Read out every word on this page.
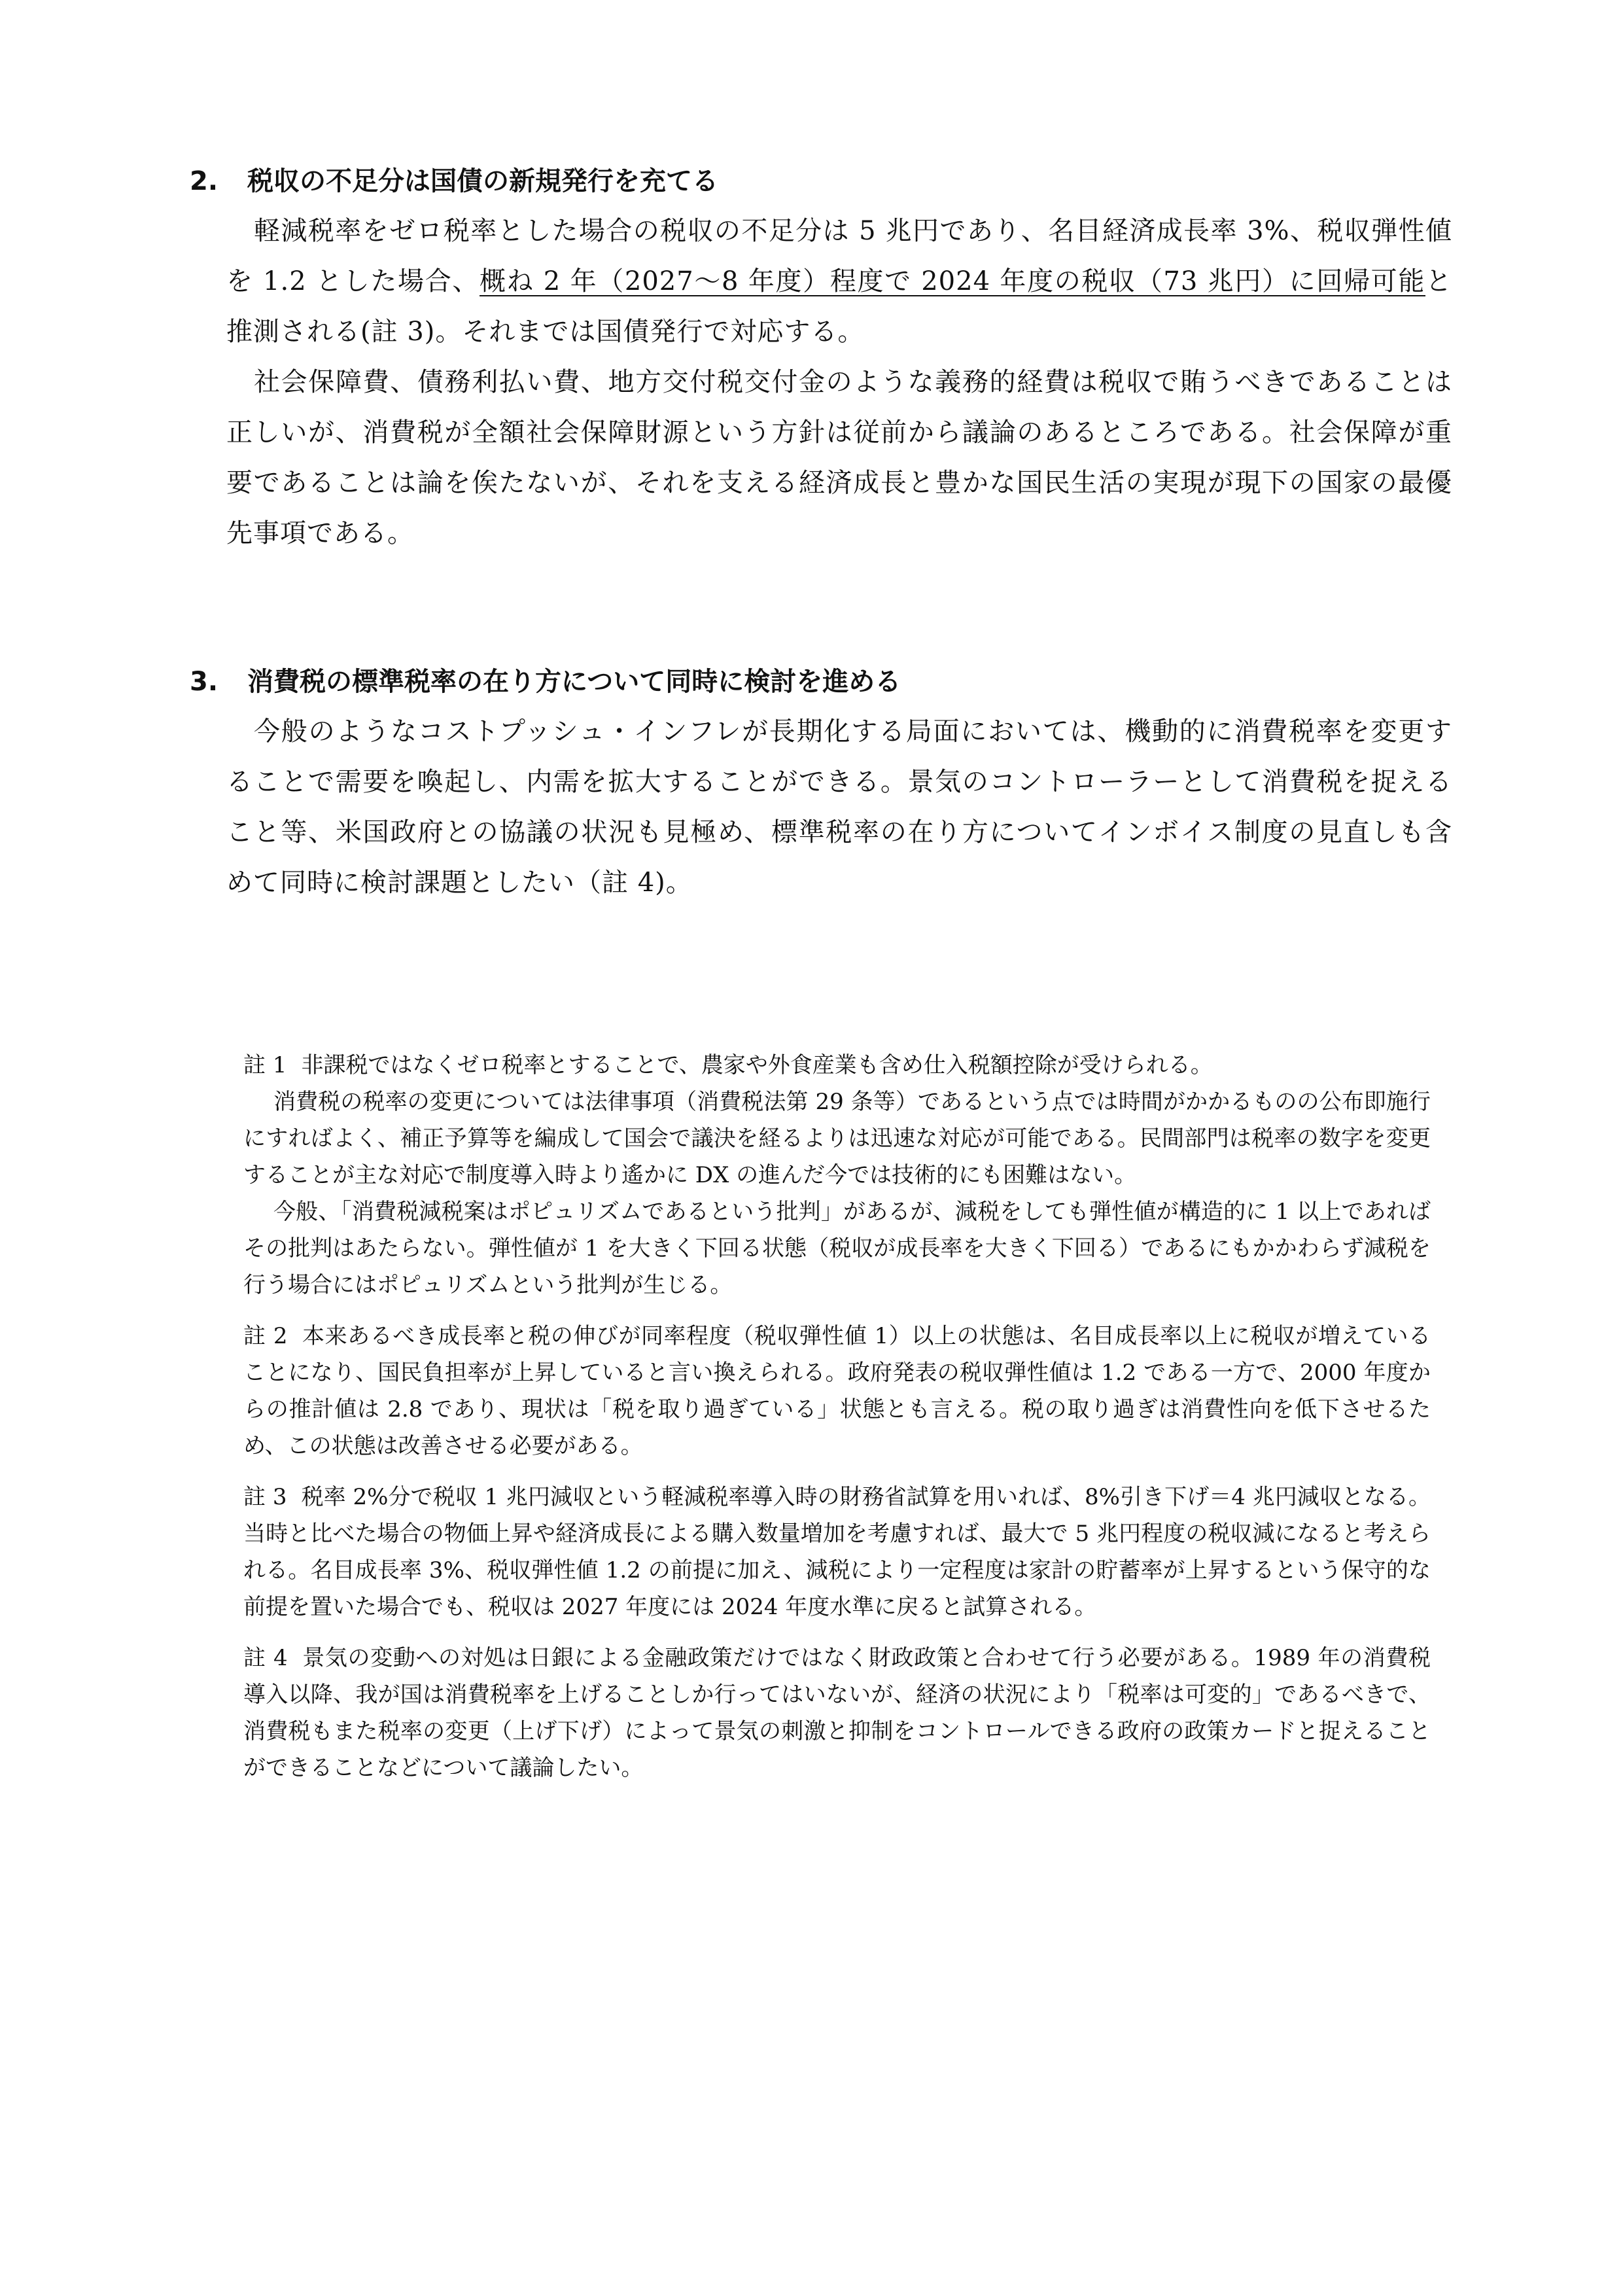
2.	税収の不足分は国債の新規発行を充てる

軽減税率をゼロ税率とした場合の税収の不足分は 5 兆円であり、名目経済成長率 3%、税収弾性値を 1.2 とした場合、概ね 2 年（2027〜8 年度）程度で 2024 年度の税収（73 兆円）に回帰可能と推測される(註 3)。それまでは国債発行で対応する。

社会保障費、債務利払い費、地方交付税交付金のような義務的経費は税収で賄うべきであることは正しいが、消費税が全額社会保障財源という方針は従前から議論のあるところである。社会保障が重要であることは論を俟たないが、それを支える経済成長と豊かな国民生活の実現が現下の国家の最優先事項である。

3.	消費税の標準税率の在り方について同時に検討を進める

今般のようなコストプッシュ・インフレが長期化する局面においては、機動的に消費税率を変更することで需要を喚起し、内需を拡大することができる。景気のコントローラーとして消費税を捉えること等、米国政府との協議の状況も見極め、標準税率の在り方についてインボイス制度の見直しも含めて同時に検討課題としたい（註 4)。

註 1 非課税ではなくゼロ税率とすることで、農家や外食産業も含め仕入税額控除が受けられる。

消費税の税率の変更については法律事項（消費税法第 29 条等）であるという点では時間がかかるものの公布即施行にすればよく、補正予算等を編成して国会で議決を経るよりは迅速な対応が可能である。民間部門は税率の数字を変更することが主な対応で制度導入時より遙かに DX の進んだ今では技術的にも困難はない。

今般、「消費税減税案はポピュリズムであるという批判」があるが、減税をしても弾性値が構造的に 1 以上であればその批判はあたらない。弾性値が 1 を大きく下回る状態（税収が成長率を大きく下回る）であるにもかかわらず減税を行う場合にはポピュリズムという批判が生じる。

註 2 本来あるべき成長率と税の伸びが同率程度（税収弾性値 1）以上の状態は、名目成長率以上に税収が増えていることになり、国民負担率が上昇していると言い換えられる。政府発表の税収弾性値は 1.2 である一方で、2000 年度からの推計値は 2.8 であり、現状は「税を取り過ぎている」状態とも言える。税の取り過ぎは消費性向を低下させるため、この状態は改善させる必要がある。

註 3 税率 2%分で税収 1 兆円減収という軽減税率導入時の財務省試算を用いれば、8%引き下げ＝4 兆円減収となる。当時と比べた場合の物価上昇や経済成長による購入数量増加を考慮すれば、最大で 5 兆円程度の税収減になると考えられる。名目成長率 3%、税収弾性値 1.2 の前提に加え、減税により一定程度は家計の貯蓄率が上昇するという保守的な前提を置いた場合でも、税収は 2027 年度には 2024 年度水準に戻ると試算される。

註 4 景気の変動への対処は日銀による金融政策だけではなく財政政策と合わせて行う必要がある。1989 年の消費税導入以降、我が国は消費税率を上げることしか行ってはいないが、経済の状況により「税率は可変的」であるべきで、消費税もまた税率の変更（上げ下げ）によって景気の刺激と抑制をコントロールできる政府の政策カードと捉えることができることなどについて議論したい。
